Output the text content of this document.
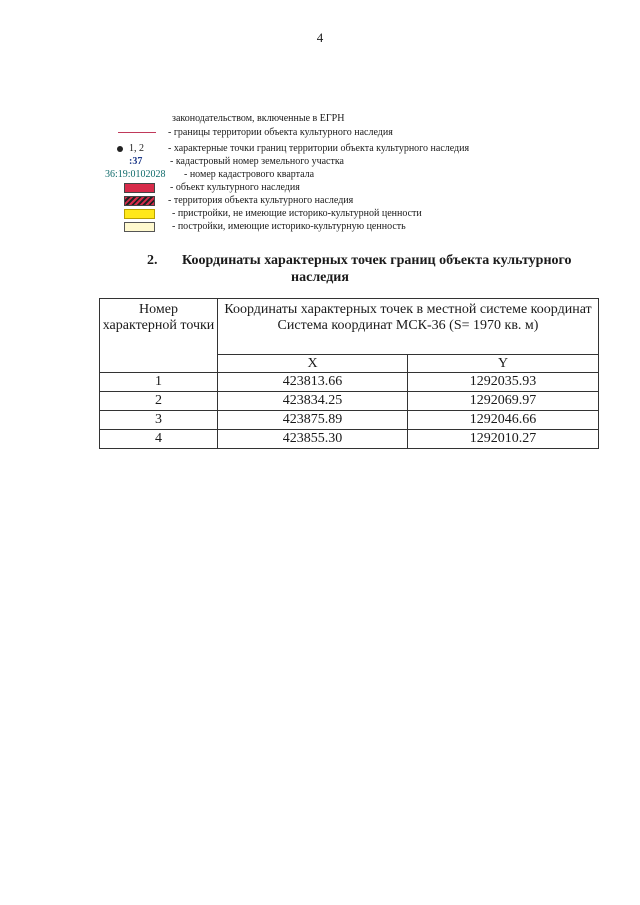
4
законодательством, включенные в ЕГРН
- границы территории объекта культурного наследия
1, 2 - характерные точки границ территории объекта культурного наследия
:37	- кадастровый номер земельного участка
36:19:0102028 - номер кадастрового квартала
- объект культурного наследия
- территория объекта культурного наследия
- пристройки, не имеющие историко-культурной ценности
- постройки, имеющие историко-культурную ценность
2. Координаты характерных точек границ объекта культурного
наследия
Номер характерной точки	Координаты характерных точек в местной системе координат
Система координат МСК-36 (S= 1970 кв. м)	

	X	Y
1	423813.66	1292035.93
2	423834.25	1292069.97
3	423875.89	1292046.66
4	423855.30	1292010.27
